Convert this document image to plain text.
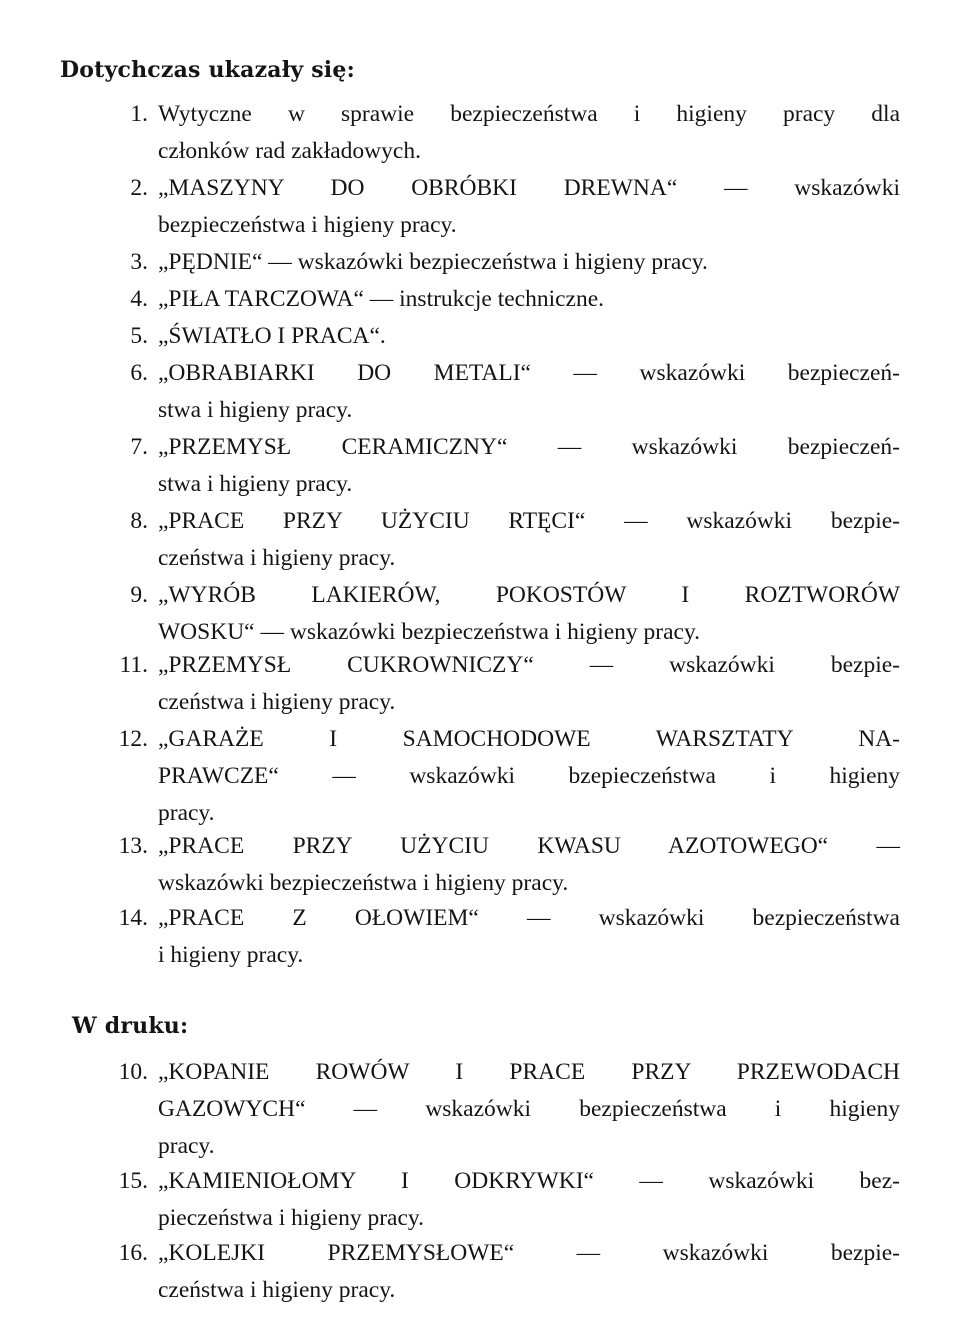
Dotychczas ukazały się:
1. Wytyczne w sprawie bezpieczeństwa i higieny pracy dla
członków rad zakładowych.
2. „MASZYNY DO OBRÓBKI DREWNA“ — wskazówki
bezpieczeństwa i higieny pracy.
3. „PĘDNIE“ — wskazówki bezpieczeństwa i higieny pracy.
4. „PIŁA TARCZOWA“ — instrukcje techniczne.
5. „ŚWIATŁO I PRACA“.
6. „OBRABIARKI DO METALI“ — wskazówki bezpieczeń-
stwa i higieny pracy.
7. „PRZEMYSŁ CERAMICZNY“ — wskazówki bezpieczeń-
stwa i higieny pracy.
8. „PRACE PRZY UŻYCIU RTĘCI“ — wskazówki bezpie-
czeństwa i higieny pracy.
9. „WYRÓB LAKIERÓW, POKOSTÓW I ROZTWORÓW
WOSKU“ — wskazówki bezpieczeństwa i higieny pracy.
11. „PRZEMYSŁ CUKROWNICZY“ — wskazówki bezpie-
czeństwa i higieny pracy.
12. „GARAŻE I SAMOCHODOWE WARSZTATY NA-
PRAWCZE“ — wskazówki bzepieczeństwa i higieny
pracy.
13. „PRACE PRZY UŻYCIU KWASU AZOTOWEGO“ —
wskazówki bezpieczeństwa i higieny pracy.
14. „PRACE Z OŁOWIEM“ — wskazówki bezpieczeństwa
i higieny pracy.
W druku:
10. „KOPANIE ROWÓW I PRACE PRZY PRZEWODACH
GAZOWYCH“ — wskazówki bezpieczeństwa i higieny
pracy.
15. „KAMIENIOŁOMY I ODKRYWKI“ — wskazówki bez-
pieczeństwa i higieny pracy.
16. „KOLEJKI PRZEMYSŁOWE“ — wskazówki bezpie-
czeństwa i higieny pracy.
